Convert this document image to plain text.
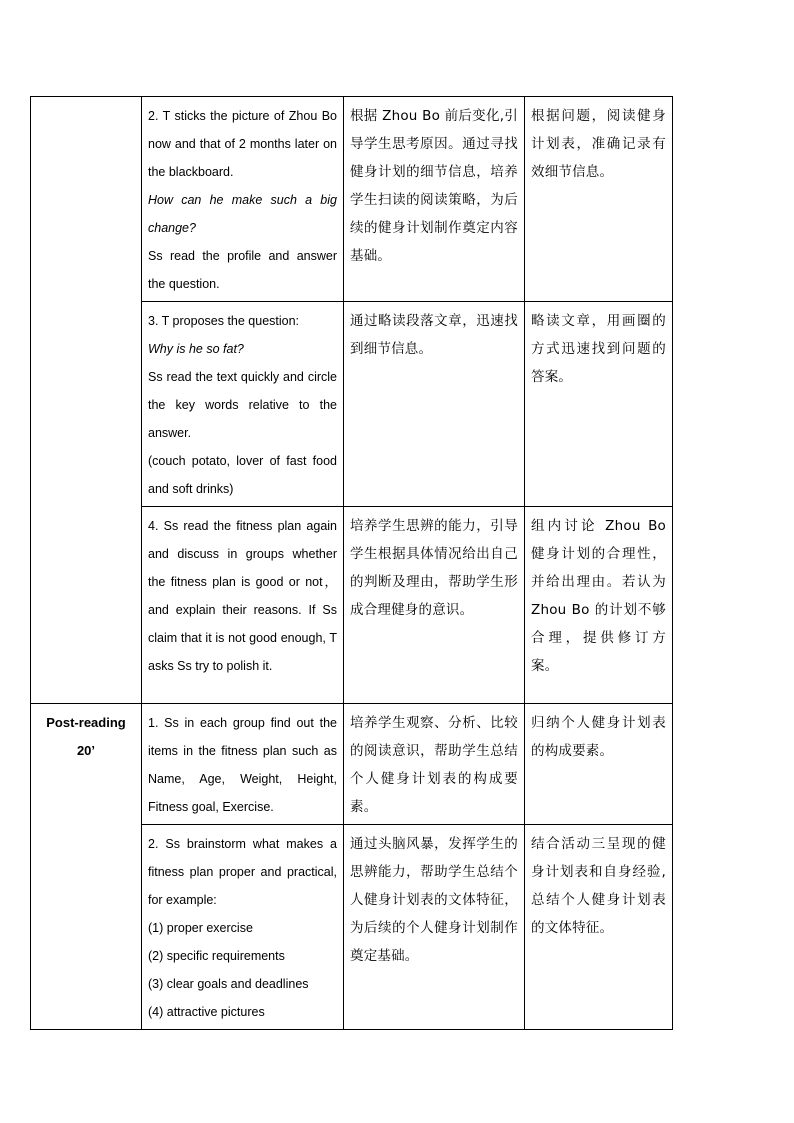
	2. T sticks the picture of Zhou Bo now and that of 2 months later on the blackboard.
How can he make such a big change?
Ss read the profile and answer the question.	根据 Zhou Bo 前后变化,引导学生思考原因。通过寻找健身计划的细节信息，培养学生扫读的阅读策略，为后续的健身计划制作奠定内容基础。	根据问题，阅读健身计划表，准确记录有效细节信息。

	3. T proposes the question:
Why is he so fat?
Ss read the text quickly and circle the key words relative to the answer.
(couch potato, lover of fast food and soft drinks)	通过略读段落文章，迅速找到细节信息。	略读文章，用画圈的方式迅速找到问题的答案。

	4. Ss read the fitness plan again and discuss in groups whether the fitness plan is good or not，and explain their reasons. If Ss claim that it is not good enough, T asks Ss try to polish it.	培养学生思辨的能力，引导学生根据具体情况给出自己的判断及理由，帮助学生形成合理健身的意识。	组内讨论 Zhou Bo 健身计划的合理性，并给出理由。若认为 Zhou Bo 的计划不够合理，提供修订方案。

Post-reading
20’	1. Ss in each group find out the items in the fitness plan such as Name, Age, Weight, Height, Fitness goal, Exercise.	培养学生观察、分析、比较的阅读意识，帮助学生总结个人健身计划表的构成要素。	归纳个人健身计划表的构成要素。

	2. Ss brainstorm what makes a fitness plan proper and practical, for example:
(1) proper exercise
(2) specific requirements
(3) clear goals and deadlines
(4) attractive pictures	通过头脑风暴，发挥学生的思辨能力，帮助学生总结个人健身计划表的文体特征，为后续的个人健身计划制作奠定基础。	结合活动三呈现的健身计划表和自身经验,总结个人健身计划表的文体特征。
